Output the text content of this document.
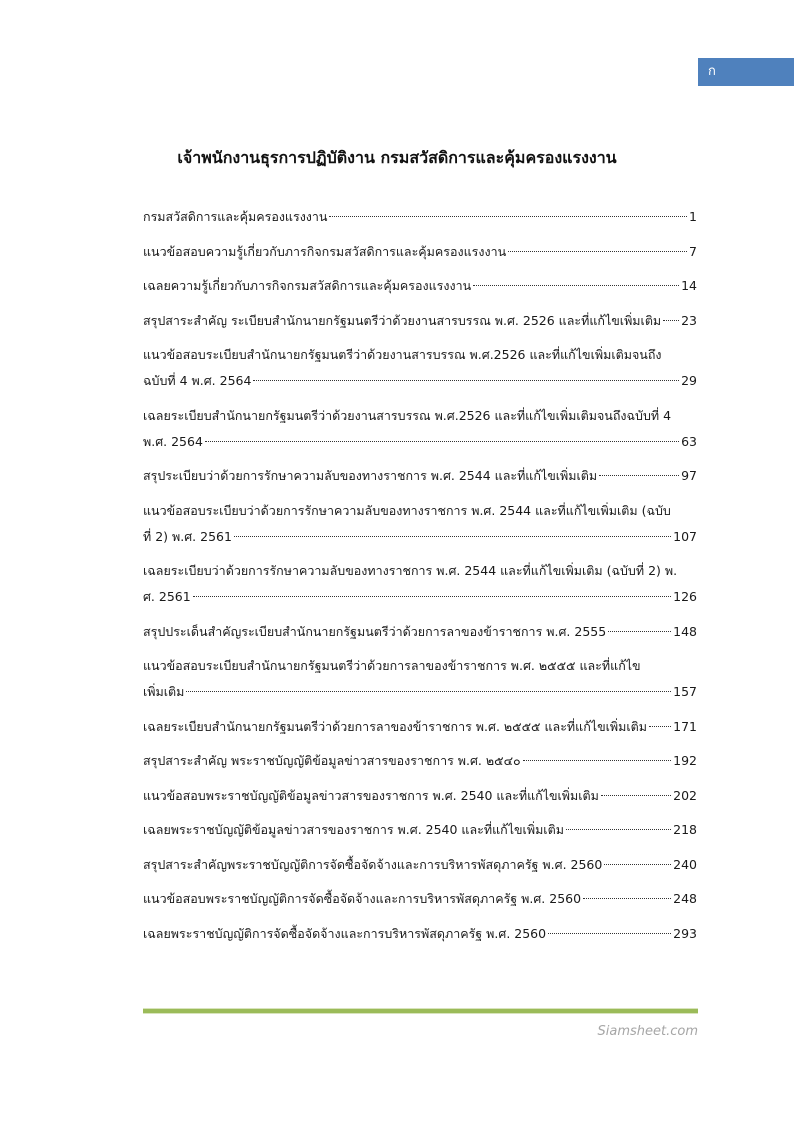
ก
เจ้าพนักงานธุรการปฏิบัติงาน กรมสวัสดิการและคุ้มครองแรงงาน
กรมสวัสดิการและคุ้มครองแรงงาน	1
แนวข้อสอบความรู้เกี่ยวกับภารกิจกรมสวัสดิการและคุ้มครองแรงงาน	7
เฉลยความรู้เกี่ยวกับภารกิจกรมสวัสดิการและคุ้มครองแรงงาน	14
สรุปสาระสำคัญ ระเบียบสำนักนายกรัฐมนตรีว่าด้วยงานสารบรรณ พ.ศ. 2526 และที่แก้ไขเพิ่มเติม 23
แนวข้อสอบระเบียบสำนักนายกรัฐมนตรีว่าด้วยงานสารบรรณ พ.ศ.2526 และที่แก้ไขเพิ่มเติมจนถึง
ฉบับที่ 4 พ.ศ. 2564	29
เฉลยระเบียบสำนักนายกรัฐมนตรีว่าด้วยงานสารบรรณ พ.ศ.2526 และที่แก้ไขเพิ่มเติมจนถึงฉบับที่ 4
พ.ศ. 2564	63
สรุประเบียบว่าด้วยการรักษาความลับของทางราชการ พ.ศ. 2544 และที่แก้ไขเพิ่มเติม	97
แนวข้อสอบระเบียบว่าด้วยการรักษาความลับของทางราชการ พ.ศ. 2544 และที่แก้ไขเพิ่มเติม (ฉบับ
ที่ 2) พ.ศ. 2561	107
เฉลยระเบียบว่าด้วยการรักษาความลับของทางราชการ พ.ศ. 2544 และที่แก้ไขเพิ่มเติม (ฉบับที่ 2) พ.
ศ. 2561	126
สรุปประเด็นสำคัญระเบียบสำนักนายกรัฐมนตรีว่าด้วยการลาของข้าราชการ พ.ศ. 2555	148
แนวข้อสอบระเบียบสำนักนายกรัฐมนตรีว่าด้วยการลาของข้าราชการ พ.ศ. ๒๕๕๕ และที่แก้ไข
เพิ่มเติม	157
เฉลยระเบียบสำนักนายกรัฐมนตรีว่าด้วยการลาของข้าราชการ พ.ศ. ๒๕๕๕ และที่แก้ไขเพิ่มเติม 171
สรุปสาระสำคัญ พระราชบัญญัติข้อมูลข่าวสารของราชการ พ.ศ. ๒๕๔๐	192
แนวข้อสอบพระราชบัญญัติข้อมูลข่าวสารของราชการ พ.ศ. 2540 และที่แก้ไขเพิ่มเติม	202
เฉลยพระราชบัญญัติข้อมูลข่าวสารของราชการ พ.ศ. 2540 และที่แก้ไขเพิ่มเติม	218
สรุปสาระสำคัญพระราชบัญญัติการจัดซื้อจัดจ้างและการบริหารพัสดุภาครัฐ พ.ศ. 2560	240
แนวข้อสอบพระราชบัญญัติการจัดซื้อจัดจ้างและการบริหารพัสดุภาครัฐ พ.ศ. 2560	248
เฉลยพระราชบัญญัติการจัดซื้อจัดจ้างและการบริหารพัสดุภาครัฐ พ.ศ. 2560	293
Siamsheet.com
